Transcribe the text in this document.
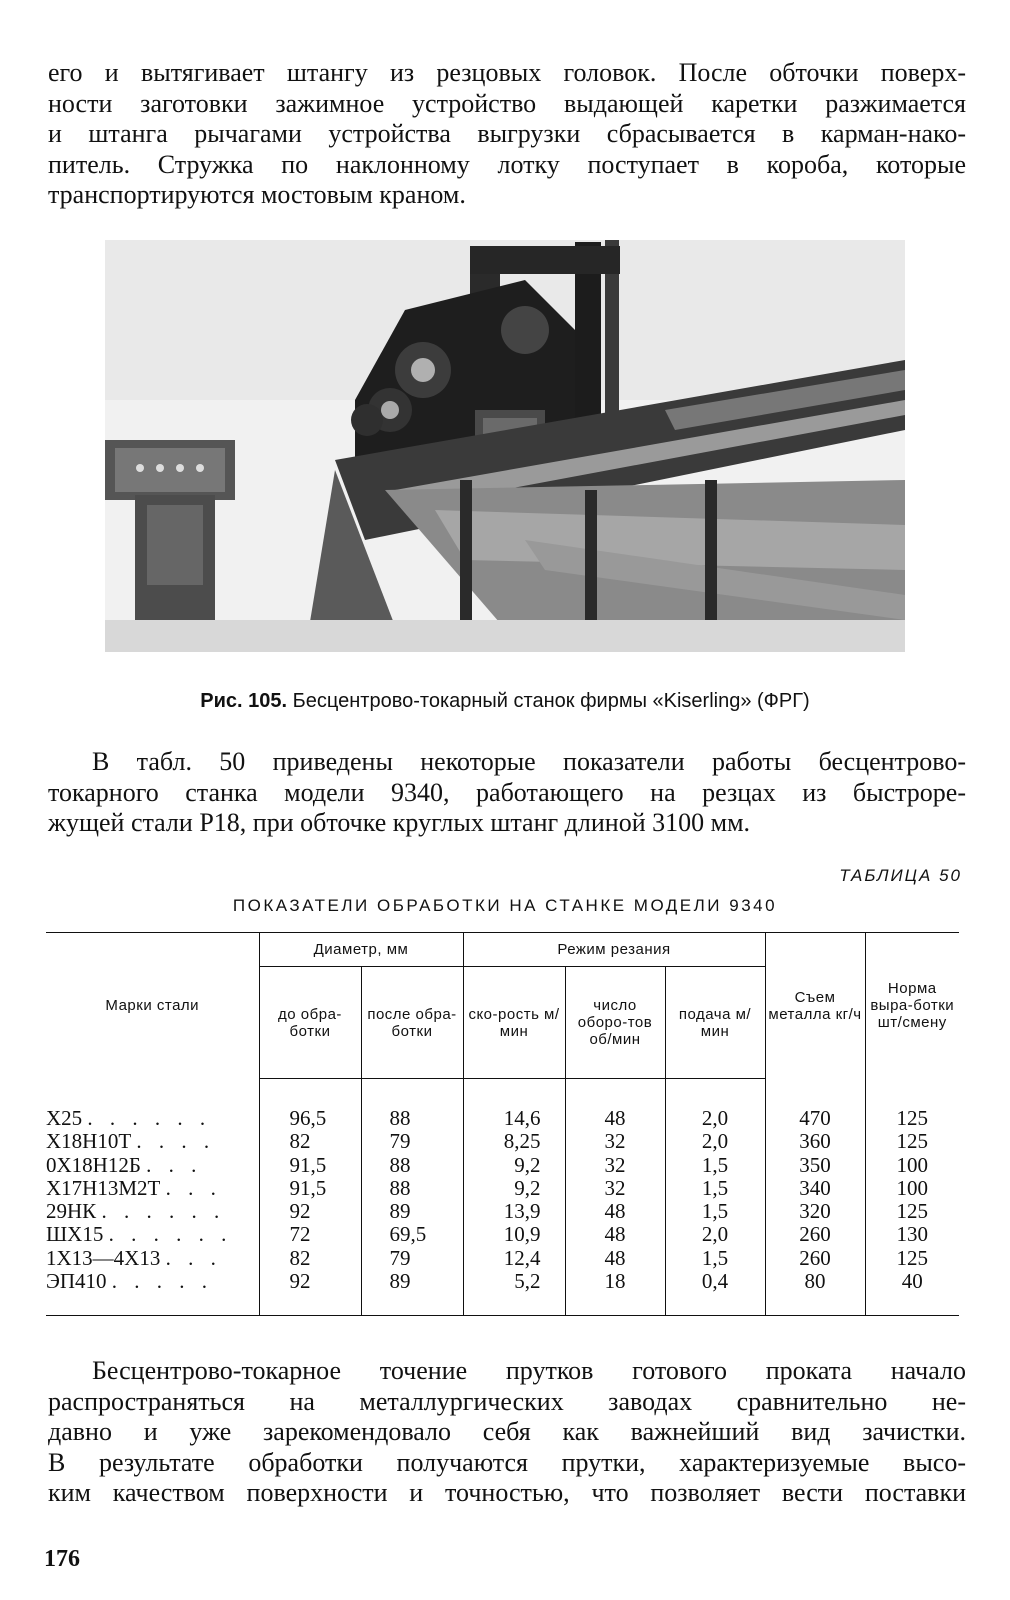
его и вытягивает штангу из резцовых головок. После обточки поверх-
ности заготовки зажимное устройство выдающей каретки разжимается
и штанга рычагами устройства выгрузки сбрасывается в карман-нако-
питель. Стружка по наклонному лотку поступает в короба, которые
транспортируются мостовым краном.

Рис. 105. Бесцентрово-токарный станок фирмы «Kiserling» (ФРГ)

В табл. 50 приведены некоторые показатели работы бесцентрово-
токарного станка модели 9340, работающего на резцах из быстроре-
жущей стали Р18, при обточке круглых штанг длиной 3100 мм.

ТАБЛИЦА 50
ПОКАЗАТЕЛИ ОБРАБОТКИ НА СТАНКЕ МОДЕЛИ 9340
Марки стали	Диаметр, мм		Режим резания			Съем металла кг/ч	Норма выра-ботки шт/смену
	до обра-ботки	после обра-ботки	ско-рость м/мин	число оборо-тов об/мин	подача м/мин		

Х25 . . . . . .	96,5	88	14,6	48	2,0	470	125
Х18Н10Т . . . .	82	79	8,25	32	2,0	360	125
0Х18Н12Б . . .	91,5	88	9,2	32	1,5	350	100
Х17Н13М2Т . . .	91,5	88	9,2	32	1,5	340	100
29НК . . . . . .	92	89	13,9	48	1,5	320	125
ШХ15 . . . . . .	72	69,5	10,9	48	2,0	260	130
1Х13—4Х13 . . .	82	79	12,4	48	1,5	260	125
ЭП410 . . . . .	92	89	5,2	18	0,4	80	40

Бесцентрово-токарное точение прутков готового проката начало
распространяться на металлургических заводах сравнительно не-
давно и уже зарекомендовало себя как важнейший вид зачистки.
В результате обработки получаются прутки, характеризуемые высо-
ким качеством поверхности и точностью, что позволяет вести поставки

176
